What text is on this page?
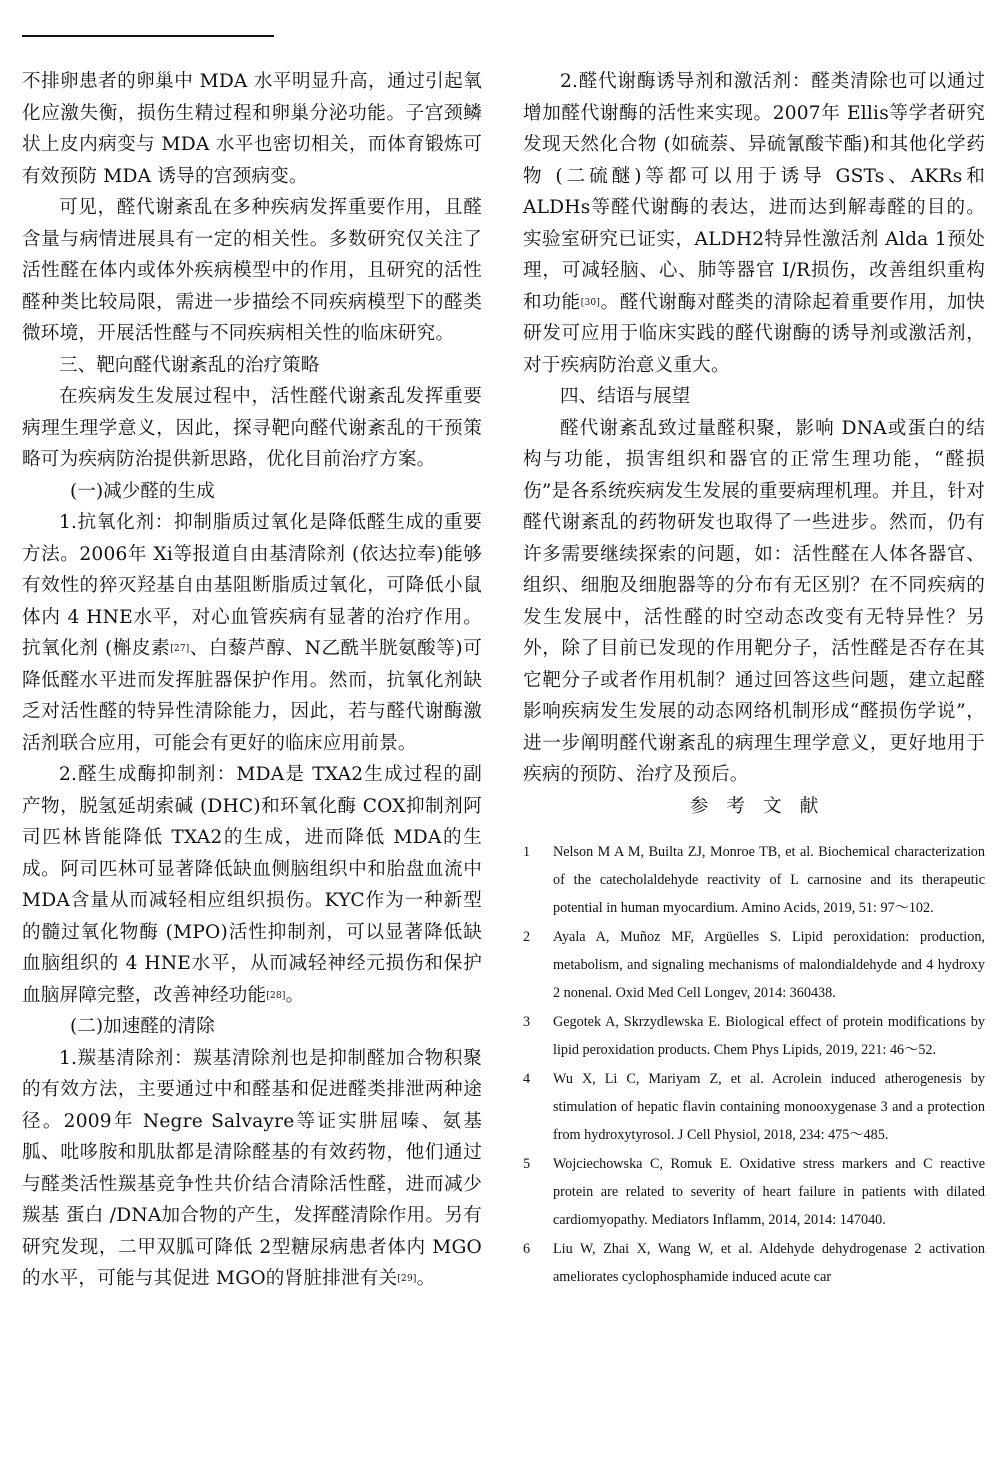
不排卵患者的卵巢中 MDA 水平明显升高，通过引起氧化应激失衡，损伤生精过程和卵巢分泌功能。子宫颈鳞状上皮内病变与 MDA 水平也密切相关，而体育锻炼可有效预防 MDA 诱导的宫颈病变。

可见，醛代谢紊乱在多种疾病发挥重要作用，且醛含量与病情进展具有一定的相关性。多数研究仅关注了活性醛在体内或体外疾病模型中的作用，且研究的活性醛种类比较局限，需进一步描绘不同疾病模型下的醛类微环境，开展活性醛与不同疾病相关性的临床研究。

三、靶向醛代谢紊乱的治疗策略

在疾病发生发展过程中，活性醛代谢紊乱发挥重要病理生理学意义，因此，探寻靶向醛代谢紊乱的干预策略可为疾病防治提供新思路，优化目前治疗方案。

(一)减少醛的生成

1.抗氧化剂：抑制脂质过氧化是降低醛生成的重要方法。2006年 Xi等报道自由基清除剂 (依达拉奉)能够有效性的猝灭羟基自由基阻断脂质过氧化，可降低小鼠体内 4 HNE水平，对心血管疾病有显著的治疗作用。抗氧化剂 (槲皮素[27]、白藜芦醇、N乙酰半胱氨酸等)可降低醛水平进而发挥脏器保护作用。然而，抗氧化剂缺乏对活性醛的特异性清除能力，因此，若与醛代谢酶激活剂联合应用，可能会有更好的临床应用前景。

2.醛生成酶抑制剂：MDA是 TXA2生成过程的副产物，脱氢延胡索碱 (DHC)和环氧化酶 COX抑制剂阿司匹林皆能降低 TXA2的生成，进而降低 MDA的生成。阿司匹林可显著降低缺血侧脑组织中和胎盘血流中 MDA含量从而减轻相应组织损伤。KYC作为一种新型的髓过氧化物酶 (MPO)活性抑制剂，可以显著降低缺血脑组织的 4 HNE水平，从而减轻神经元损伤和保护血脑屏障完整，改善神经功能[28]。

(二)加速醛的清除

1.羰基清除剂：羰基清除剂也是抑制醛加合物积聚的有效方法，主要通过中和醛基和促进醛类排泄两种途径。2009年 Negre Salvayre等证实肼屈嗪、氨基胍、吡哆胺和肌肽都是清除醛基的有效药物，他们通过与醛类活性羰基竞争性共价结合清除活性醛，进而减少羰基 蛋白 /DNA加合物的产生，发挥醛清除作用。另有研究发现，二甲双胍可降低 2型糖尿病患者体内 MGO的水平，可能与其促进 MGO的肾脏排泄有关[29]。

2.醛代谢酶诱导剂和激活剂：醛类清除也可以通过增加醛代谢酶的活性来实现。2007年 Ellis等学者研究发现天然化合物 (如硫萘、异硫氰酸苄酯)和其他化学药物 (二硫醚)等都可以用于诱导 GSTs、AKRs和 ALDHs等醛代谢酶的表达，进而达到解毒醛的目的。实验室研究已证实，ALDH2特异性激活剂 Alda 1预处理，可减轻脑、心、肺等器官 I/R损伤，改善组织重构和功能[30]。醛代谢酶对醛类的清除起着重要作用，加快研发可应用于临床实践的醛代谢酶的诱导剂或激活剂，对于疾病防治意义重大。

四、结语与展望

醛代谢紊乱致过量醛积聚，影响 DNA或蛋白的结构与功能，损害组织和器官的正常生理功能，“醛损伤”是各系统疾病发生发展的重要病理机理。并且，针对醛代谢紊乱的药物研发也取得了一些进步。然而，仍有许多需要继续探索的问题，如：活性醛在人体各器官、组织、细胞及细胞器等的分布有无区别？在不同疾病的发生发展中，活性醛的时空动态改变有无特异性？另外，除了目前已发现的作用靶分子，活性醛是否存在其它靶分子或者作用机制？通过回答这些问题，建立起醛影响疾病发生发展的动态网络机制形成“醛损伤学说”，进一步阐明醛代谢紊乱的病理生理学意义，更好地用于疾病的预防、治疗及预后。

参考文献

1	Nelson M A M, Builta ZJ, Monroe TB, et al. Biochemical characterization of the catecholaldehyde reactivity of L carnosine and its therapeutic potential in human myocardium. Amino Acids, 2019, 51: 97～102.
2	Ayala A, Muñoz MF, Argüelles S. Lipid peroxidation: production, metabolism, and signaling mechanisms of malondialdehyde and 4 hydroxy 2 nonenal. Oxid Med Cell Longev, 2014: 360438.
3	Gegotek A, Skrzydlewska E. Biological effect of protein modifications by lipid peroxidation products. Chem Phys Lipids, 2019, 221: 46～52.
4	Wu X, Li C, Mariyam Z, et al. Acrolein induced atherogenesis by stimulation of hepatic flavin containing monooxygenase 3 and a protection from hydroxytyrosol. J Cell Physiol, 2018, 234: 475～485.
5	Wojciechowska C, Romuk E. Oxidative stress markers and C reactive protein are related to severity of heart failure in patients with dilated cardiomyopathy. Mediators Inflamm, 2014, 2014: 147040.
6	Liu W, Zhai X, Wang W, et al. Aldehyde dehydrogenase 2 activation ameliorates cyclophosphamide induced acute car
